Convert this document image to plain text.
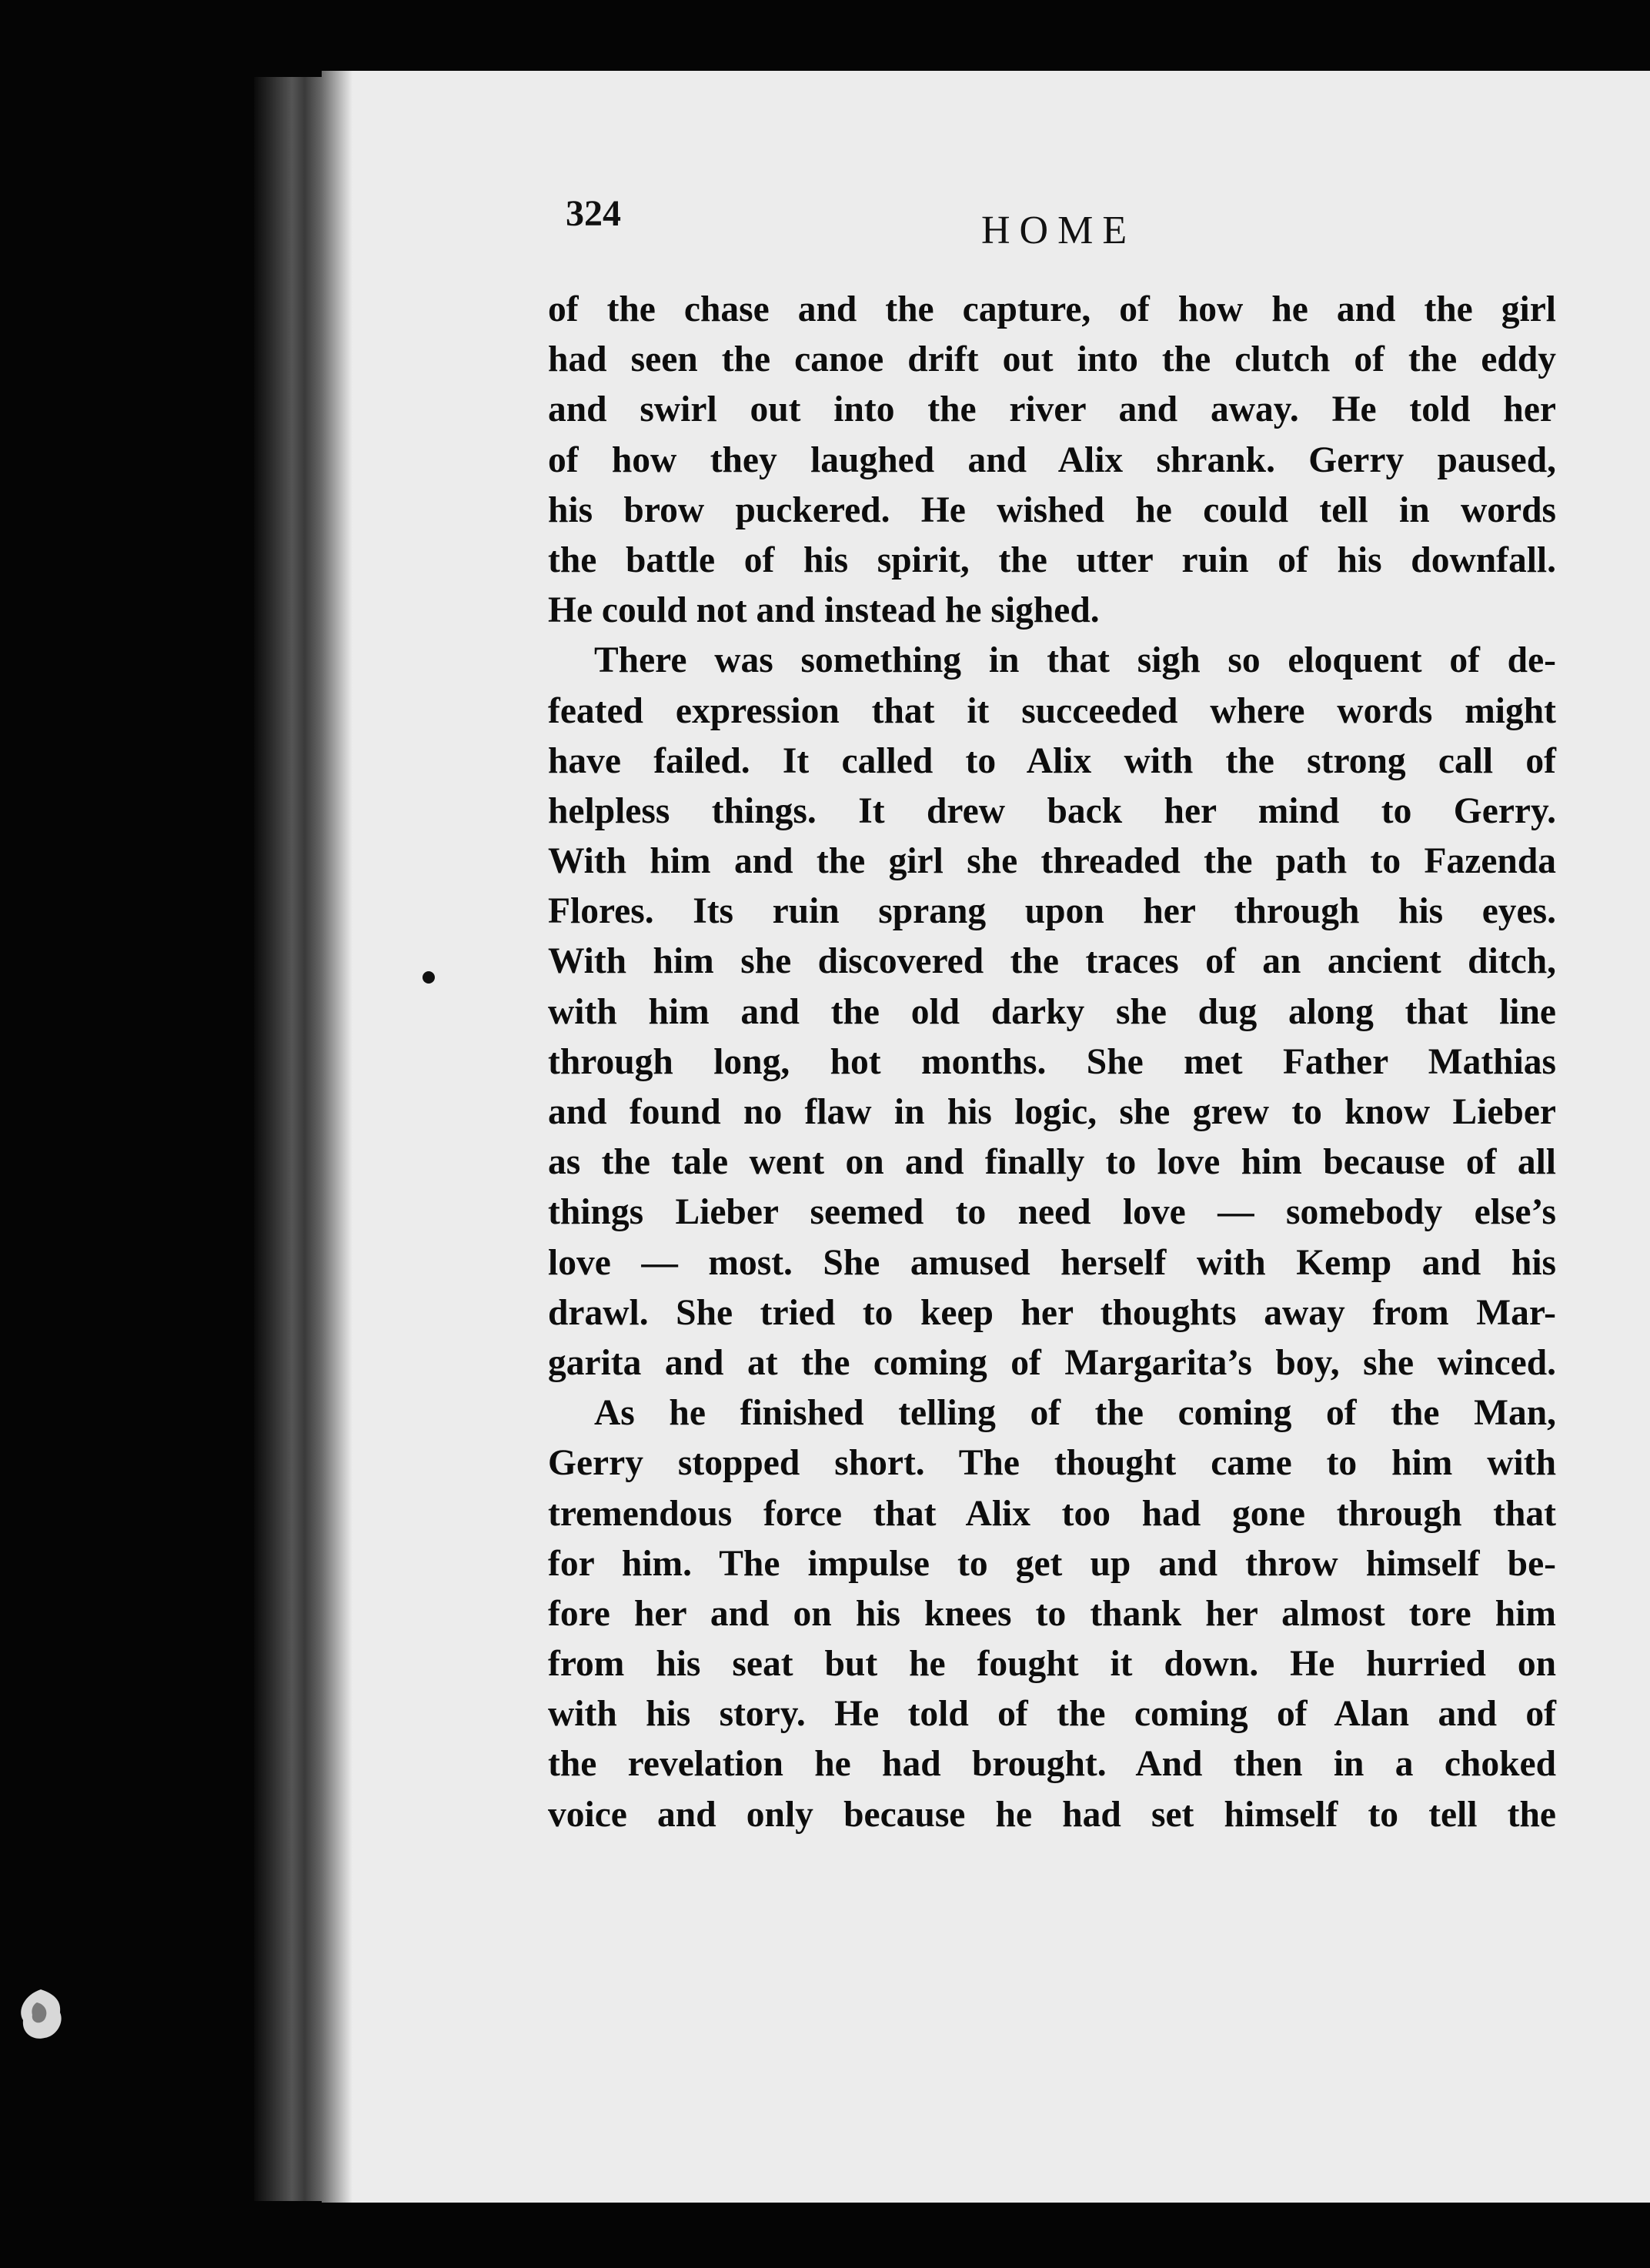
324	HOME
of the chase and the capture, of how he and the girl
had seen the canoe drift out into the clutch of the eddy
and swirl out into the river and away. He told her
of how they laughed and Alix shrank. Gerry paused,
his brow puckered. He wished he could tell in words
the battle of his spirit, the utter ruin of his downfall.
He could not and instead he sighed.
There was something in that sigh so eloquent of de-
feated expression that it succeeded where words might
have failed. It called to Alix with the strong call of
helpless things. It drew back her mind to Gerry.
With him and the girl she threaded the path to Fazenda
Flores. Its ruin sprang upon her through his eyes.
With him she discovered the traces of an ancient ditch,
with him and the old darky she dug along that line
through long, hot months. She met Father Mathias
and found no flaw in his logic, she grew to know Lieber
as the tale went on and finally to love him because of all
things Lieber seemed to need love — somebody else’s
love — most. She amused herself with Kemp and his
drawl. She tried to keep her thoughts away from Mar-
garita and at the coming of Margarita’s boy, she winced.
As he finished telling of the coming of the Man,
Gerry stopped short. The thought came to him with
tremendous force that Alix too had gone through that
for him. The impulse to get up and throw himself be-
fore her and on his knees to thank her almost tore him
from his seat but he fought it down. He hurried on
with his story. He told of the coming of Alan and of
the revelation he had brought. And then in a choked
voice and only because he had set himself to tell the
